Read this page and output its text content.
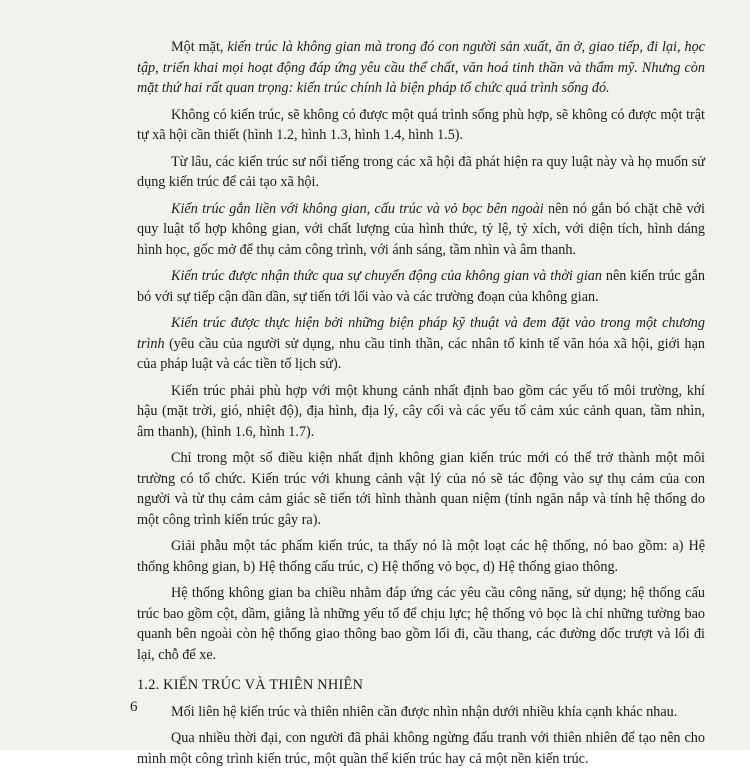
Một mặt, kiến trúc là không gian mà trong đó con người sản xuất, ăn ở, giao tiếp, đi lại, học tập, triển khai mọi hoạt động đáp ứng yêu cầu thể chất, văn hoá tinh thần và thẩm mỹ. Nhưng còn mặt thứ hai rất quan trọng: kiến trúc chính là biện pháp tổ chức quá trình sống đó.

Không có kiến trúc, sẽ không có được một quá trình sống phù hợp, sẽ không có được một trật tự xã hội cần thiết (hình 1.2, hình 1.3, hình 1.4, hình 1.5).

Từ lâu, các kiến trúc sư nổi tiếng trong các xã hội đã phát hiện ra quy luật này và họ muốn sử dụng kiến trúc để cải tạo xã hội.

Kiến trúc gắn liền với không gian, cấu trúc và vỏ bọc bên ngoài nên nó gắn bó chặt chẽ với quy luật tổ hợp không gian, với chất lượng của hình thức, tỷ lệ, tỷ xích, với diện tích, hình dáng hình học, gốc mở để thụ cảm công trình, với ánh sáng, tầm nhìn và âm thanh.

Kiến trúc được nhận thức qua sự chuyển động của không gian và thời gian nên kiến trúc gắn bó với sự tiếp cận dần dần, sự tiến tới lối vào và các trường đoạn của không gian.

Kiến trúc được thực hiện bởi những biện pháp kỹ thuật và đem đặt vào trong một chương trình (yêu cầu của người sử dụng, nhu cầu tinh thần, các nhân tố kinh tế văn hóa xã hội, giới hạn của pháp luật và các tiền tố lịch sử).

Kiến trúc phải phù hợp với một khung cảnh nhất định bao gồm các yếu tố môi trường, khí hậu (mặt trời, gió, nhiệt độ), địa hình, địa lý, cây cối và các yếu tố cảm xúc cảnh quan, tầm nhìn, âm thanh), (hình 1.6, hình 1.7).

Chỉ trong một số điều kiện nhất định không gian kiến trúc mới có thể trở thành một môi trường có tổ chức. Kiến trúc với khung cảnh vật lý của nó sẽ tác động vào sự thụ cảm của con người và từ thụ cảm cảm giác sẽ tiến tới hình thành quan niệm (tính ngăn nắp và tính hệ thống do một công trình kiến trúc gây ra).

Giải phẫu một tác phẩm kiến trúc, ta thấy nó là một loạt các hệ thống, nó bao gồm: a) Hệ thống không gian, b) Hệ thống cấu trúc, c) Hệ thống vỏ bọc, d) Hệ thống giao thông.

Hệ thống không gian ba chiều nhằm đáp ứng các yêu cầu công năng, sử dụng; hệ thống cấu trúc bao gồm cột, dầm, giằng là những yếu tố để chịu lực; hệ thống vỏ bọc là chỉ những tường bao quanh bên ngoài còn hệ thống giao thông bao gồm lối đi, cầu thang, các đường dốc trượt và lối đi lại, chỗ để xe.

1.2. KIẾN TRÚC VÀ THIÊN NHIÊN

Mối liên hệ kiến trúc và thiên nhiên cần được nhìn nhận dưới nhiều khía cạnh khác nhau.

Qua nhiều thời đại, con người đã phải không ngừng đấu tranh với thiên nhiên để tạo nên cho mình một công trình kiến trúc, một quần thể kiến trúc hay cả một nền kiến trúc.

6
